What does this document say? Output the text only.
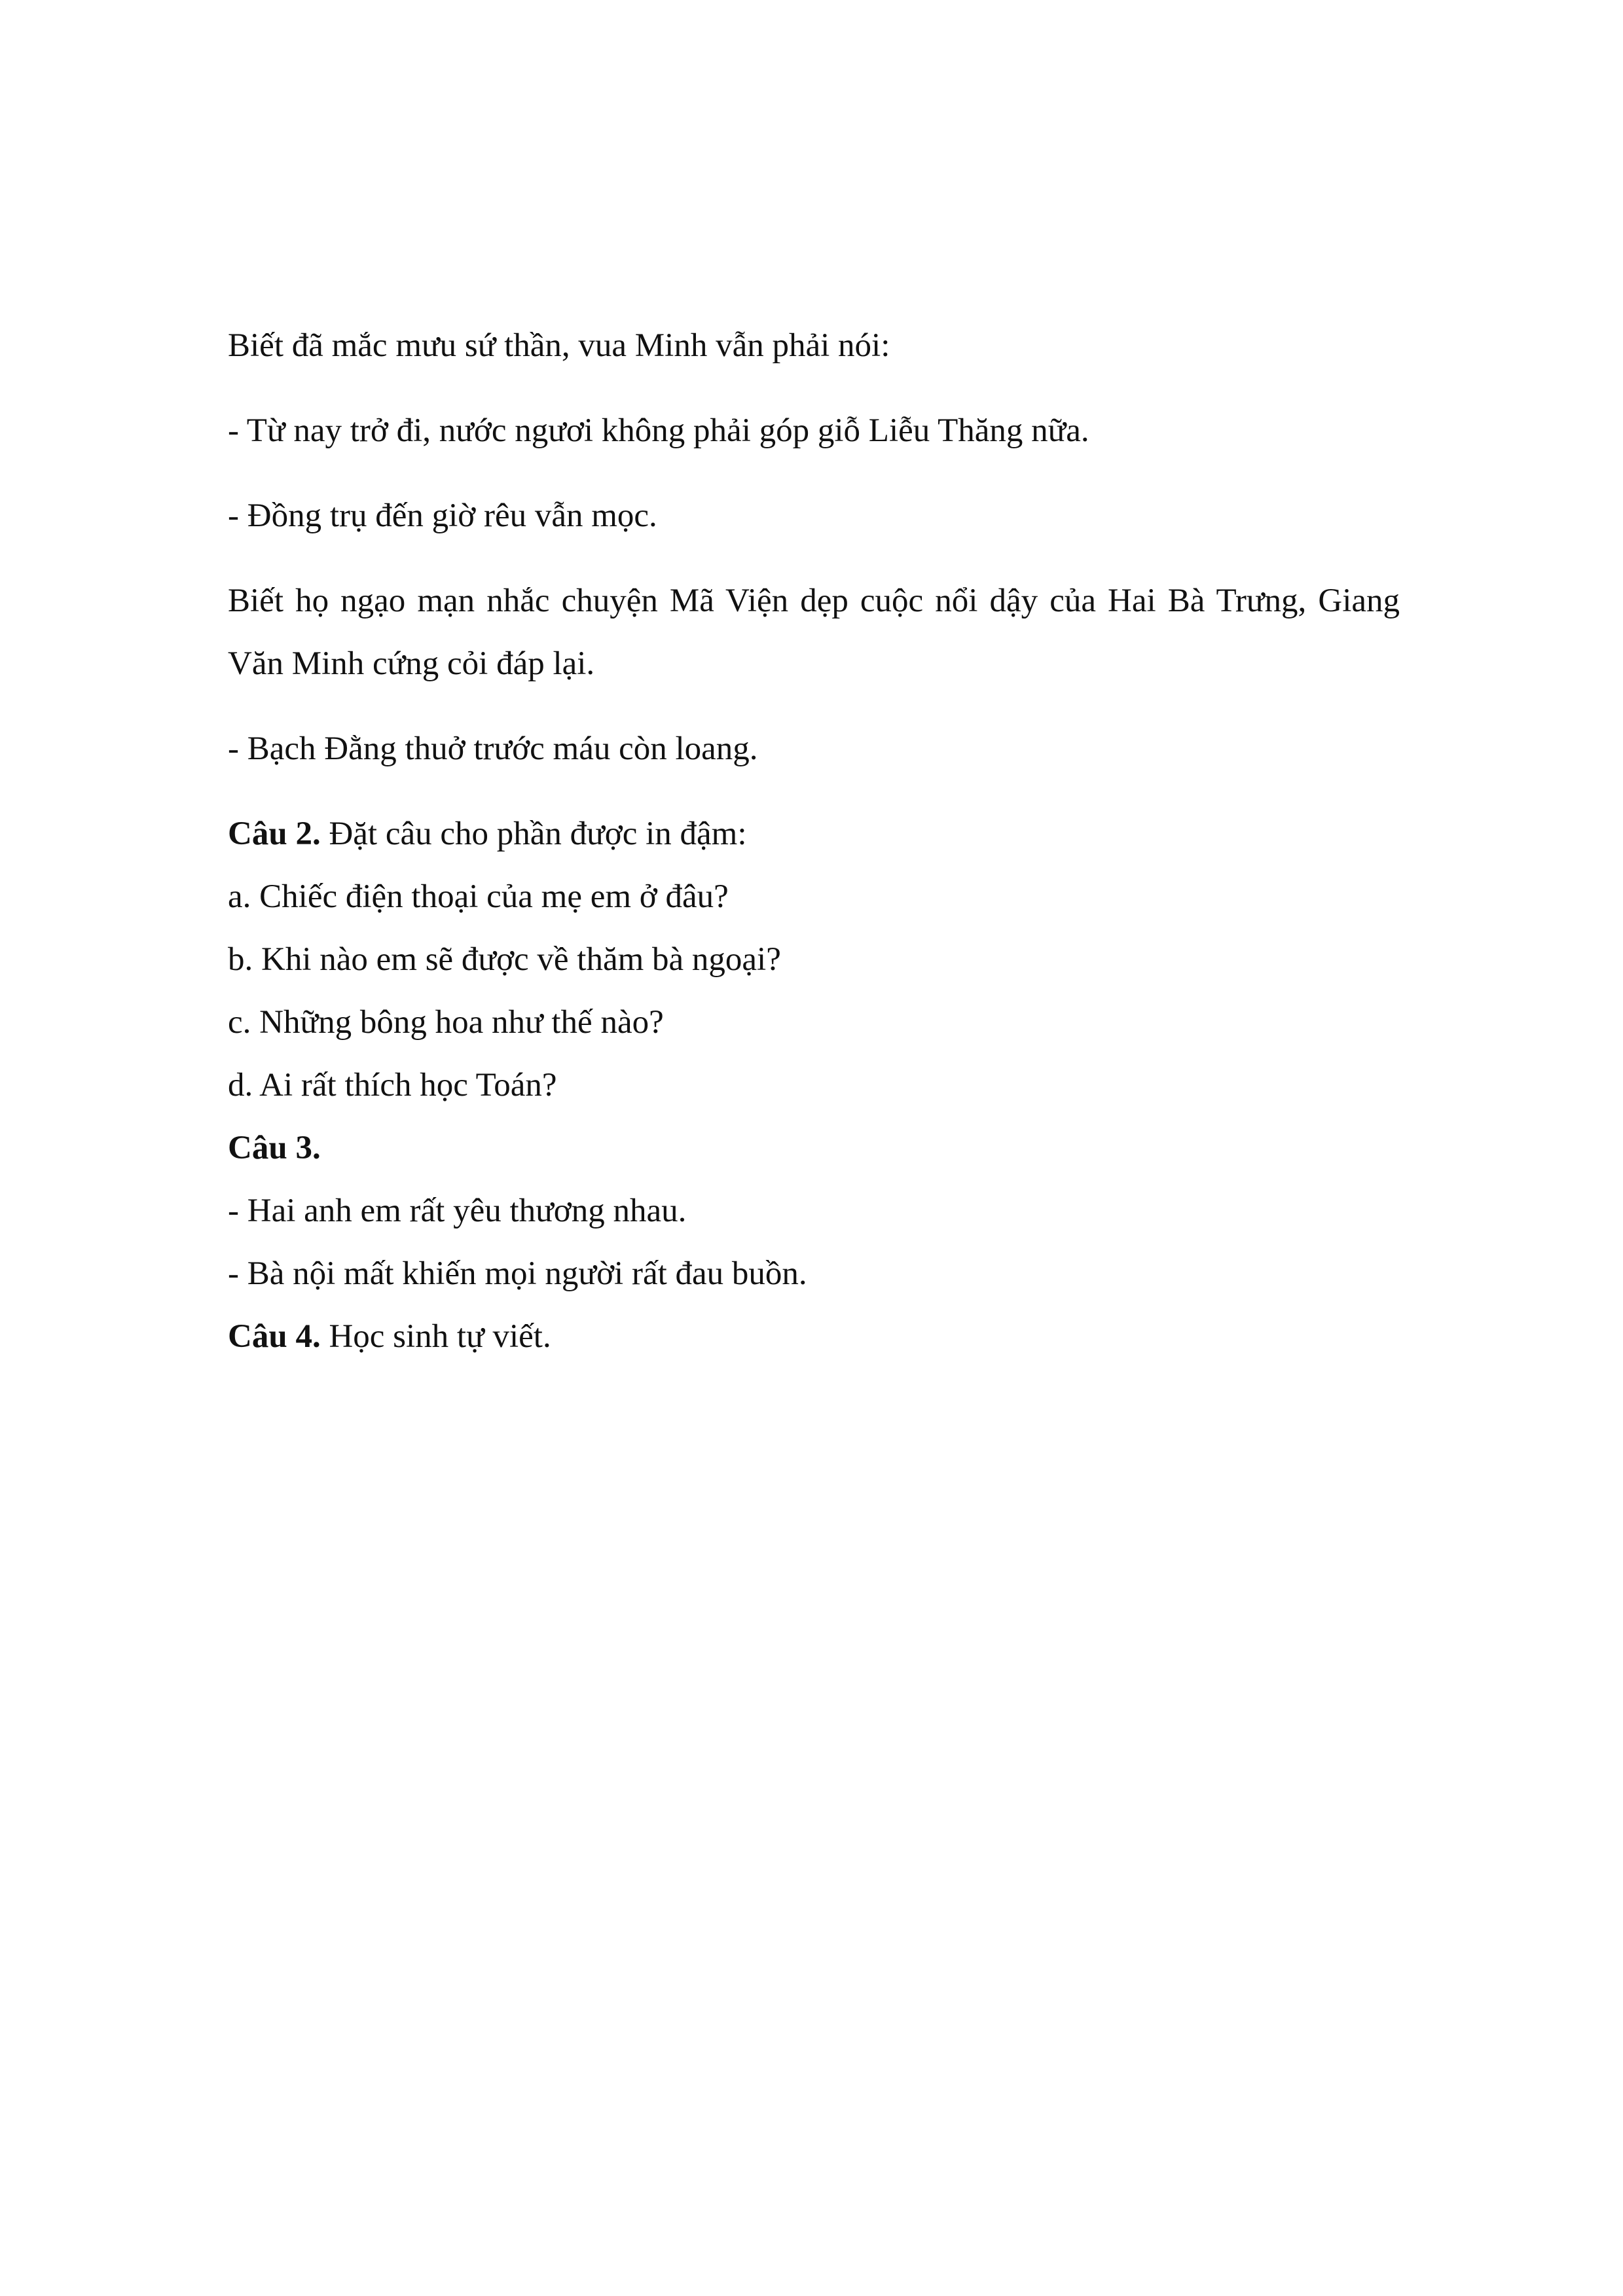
Biết đã mắc mưu sứ thần, vua Minh vẫn phải nói:

- Từ nay trở đi, nước ngươi không phải góp giỗ Liễu Thăng nữa.

- Đồng trụ đến giờ rêu vẫn mọc.

Biết họ ngạo mạn nhắc chuyện Mã Viện dẹp cuộc nổi dậy của Hai Bà Trưng, Giang Văn Minh cứng cỏi đáp lại.

- Bạch Đằng thuở trước máu còn loang.

Câu 2. Đặt câu cho phần được in đậm:

a. Chiếc điện thoại của mẹ em ở đâu?

b. Khi nào em sẽ được về thăm bà ngoại?

c. Những bông hoa như thế nào?

d. Ai rất thích học Toán?

Câu 3.

- Hai anh em rất yêu thương nhau.

- Bà nội mất khiến mọi người rất đau buồn.

Câu 4. Học sinh tự viết.
